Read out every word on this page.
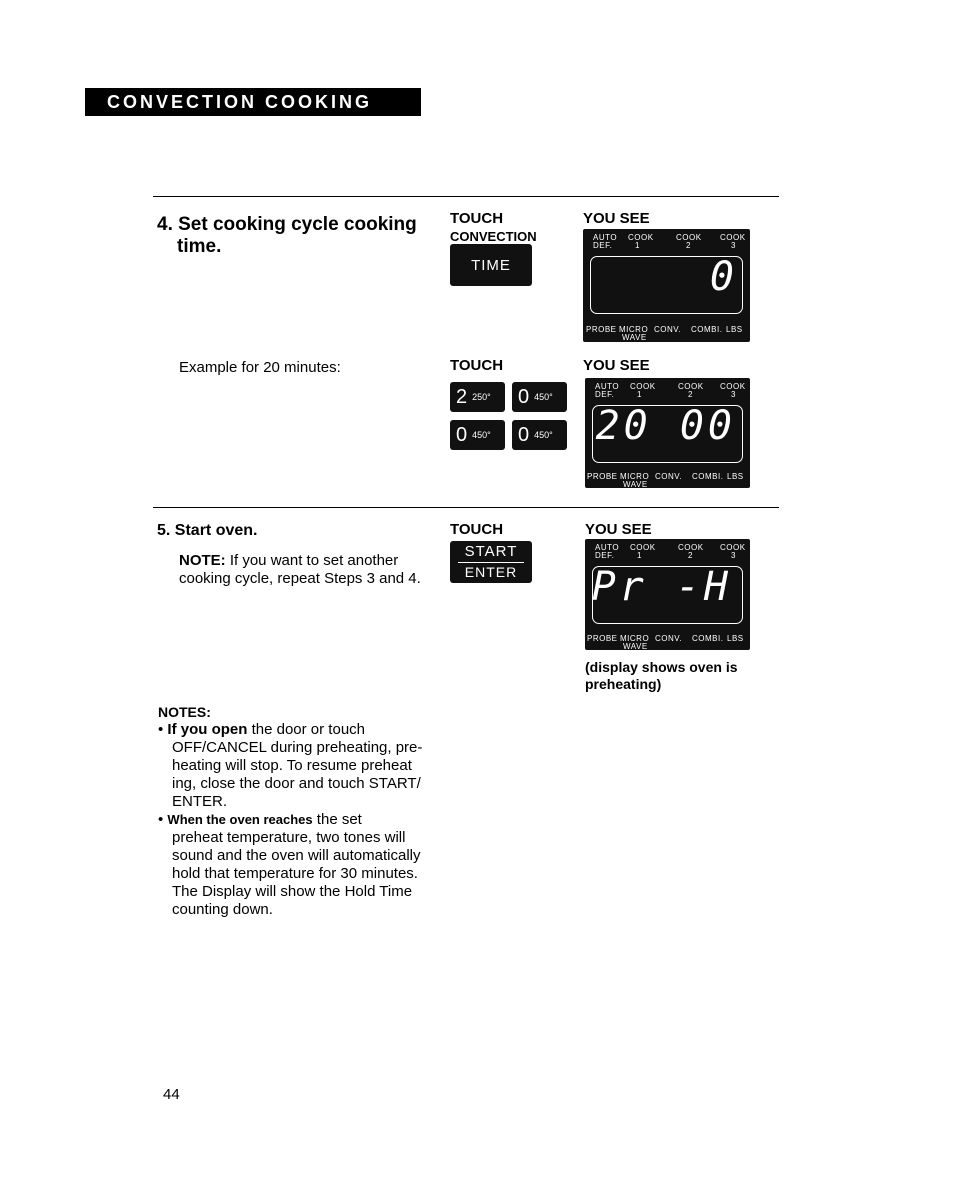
CONVECTION COOKING
4. Set cooking cycle cooking
time.
TOUCH
CONVECTION
TIME
YOU SEE
AUTO
DEF.
COOK
1
COOK
2
COOK
3
0
PROBE MICRO
WAVE
CONV. COMBI. LBS
Example for 20 minutes:	TOUCH
2 250° 0 450°
0 450° 0 450°
YOU SEE
AUTO
DEF.
COOK
1
COOK
2
COOK
3
20 00
PROBE MICRO
WAVE
CONV. COMBI. LBS
5. Start oven.
NOTE: If you want to set another
cooking cycle, repeat Steps 3 and 4.
TOUCH
START
ENTER
YOU SEE
AUTO
DEF.
COOK
1
COOK
2
COOK
3
Pr -H
PROBE MICRO
WAVE
CONV. COMBI. LBS
(display shows oven is
preheating)
NOTES:
• If you open the door or touch
OFF/CANCEL during preheating, pre-
heating will stop. To resume preheat
ing, close the door and touch START/
ENTER.
• When the oven reaches the set
preheat temperature, two tones will
sound and the oven will automatically
hold that temperature for 30 minutes.
The Display will show the Hold Time
counting down.
44
